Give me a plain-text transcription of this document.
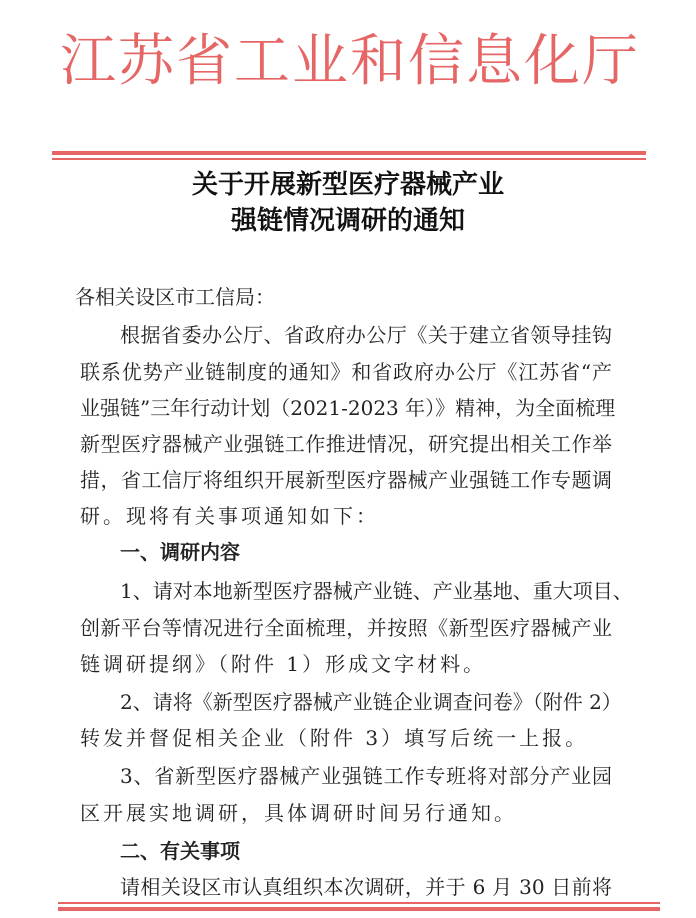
江苏省工业和信息化厅
关于开展新型医疗器械产业
强链情况调研的通知
各相关设区市工信局：
根据省委办公厅、省政府办公厅《关于建立省领导挂钩
联系优势产业链制度的通知》和省政府办公厅《江苏省“产
业强链”三年行动计划（2021-2023 年）》精神，为全面梳理
新型医疗器械产业强链工作推进情况，研究提出相关工作举
措，省工信厅将组织开展新型医疗器械产业强链工作专题调
研。现将有关事项通知如下：
一、调研内容
1、请对本地新型医疗器械产业链、产业基地、重大项目、
创新平台等情况进行全面梳理，并按照《新型医疗器械产业
链调研提纲》（附件 1）形成文字材料。
2、请将《新型医疗器械产业链企业调查问卷》（附件 2）
转发并督促相关企业（附件 3）填写后统一上报。
3、省新型医疗器械产业强链工作专班将对部分产业园
区开展实地调研，具体调研时间另行通知。
二、有关事项
请相关设区市认真组织本次调研，并于 6 月 30 日前将
